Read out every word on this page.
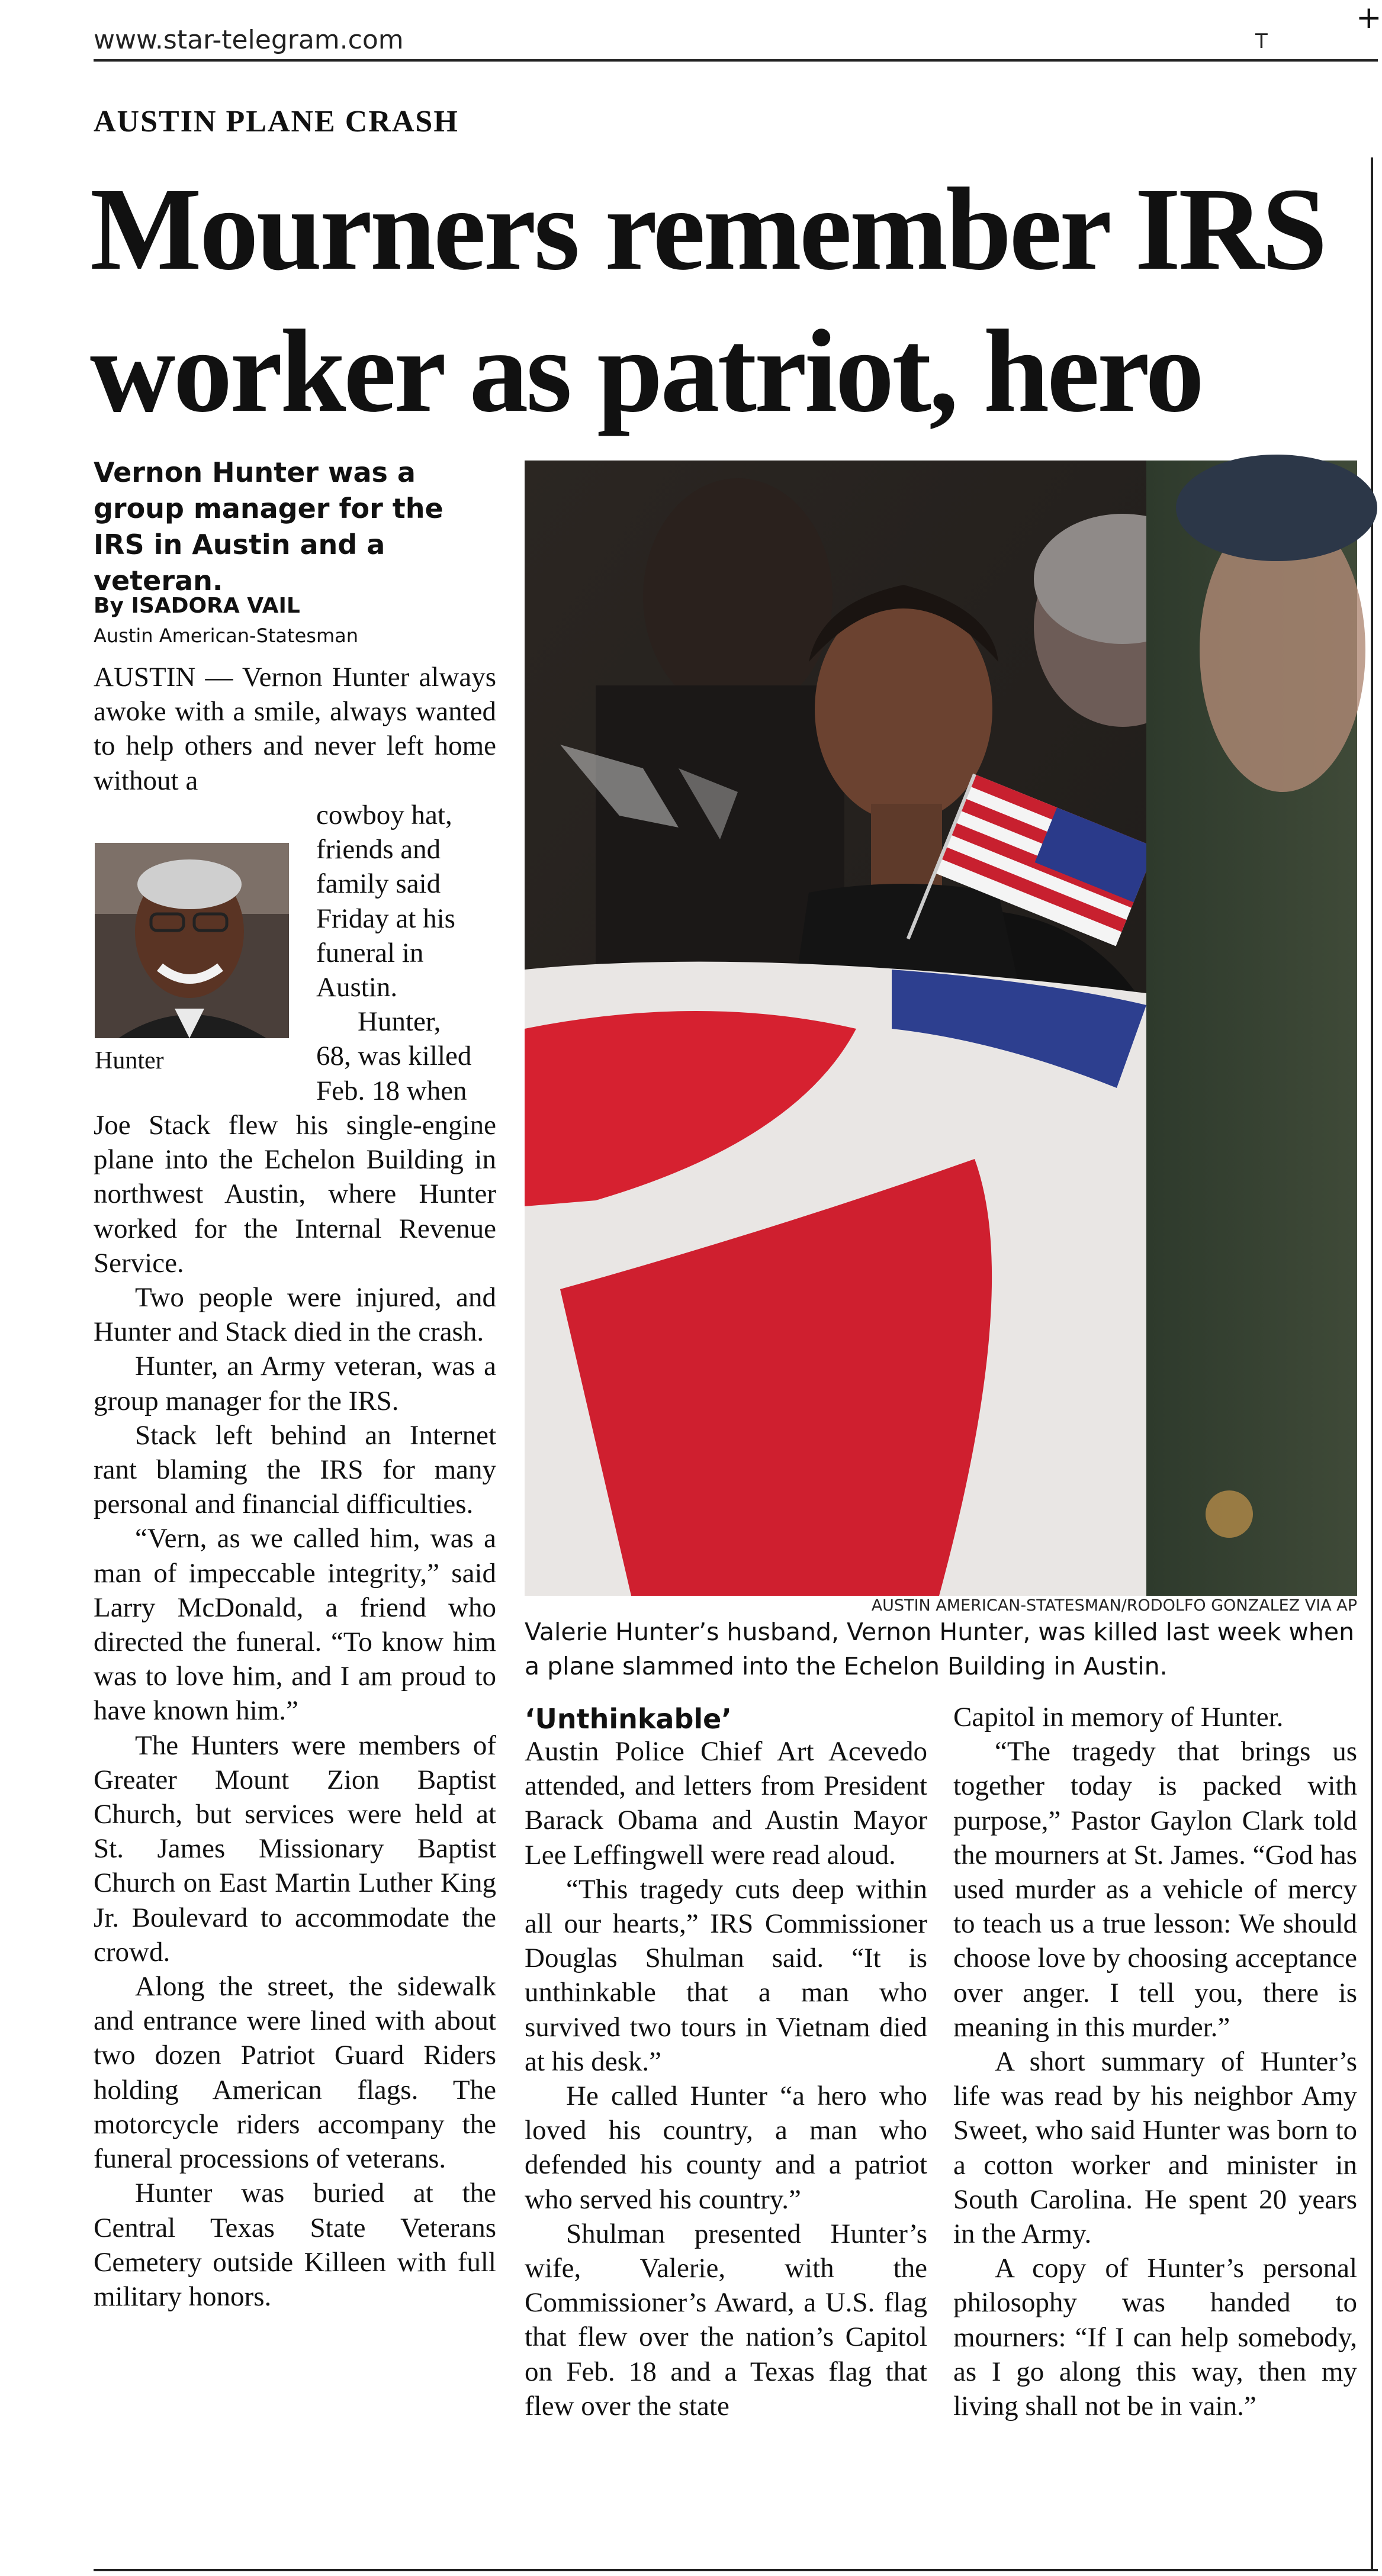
www.star-telegram.com	T
+
AUSTIN PLANE CRASH
Mourners remember IRS
worker as patriot, hero
Vernon Hunter was a group manager for the IRS in Austin and a veteran.
By ISADORA VAIL
Austin American-Statesman

AUSTIN — Vernon Hunter always awoke with a smile, always wanted to help others and never left home without a

Hunter
cowboy hat,
friends and
family said
Friday at his
funeral in
Austin.
Hunter,
68, was killed
Feb. 18 when

Joe Stack flew his single-engine plane into the Echelon Building in northwest Austin, where Hunter worked for the Internal Revenue Service.

Two people were injured, and Hunter and Stack died in the crash.

Hunter, an Army veteran, was a group manager for the IRS.

Stack left behind an Internet rant blaming the IRS for many personal and financial difficulties.

“Vern, as we called him, was a man of impeccable integrity,” said Larry McDonald, a friend who directed the funeral. “To know him was to love him, and I am proud to have known him.”

The Hunters were members of Greater Mount Zion Baptist Church, but services were held at St. James Missionary Baptist Church on East Martin Luther King Jr. Boulevard to accommodate the crowd.

Along the street, the sidewalk and entrance were lined with about two dozen Patriot Guard Riders holding American flags. The motorcycle riders accompany the funeral processions of veterans.

Hunter was buried at the Central Texas State Veterans Cemetery outside Killeen with full military honors.

AUSTIN AMERICAN-STATESMAN/RODOLFO GONZALEZ VIA AP
Valerie Hunter’s husband, Vernon Hunter, was killed last week when a plane slammed into the Echelon Building in Austin.
‘Unthinkable’

Austin Police Chief Art Acevedo attended, and letters from President Barack Obama and Austin Mayor Lee Leffingwell were read aloud.

“This tragedy cuts deep within all our hearts,” IRS Commissioner Douglas Shulman said. “It is unthinkable that a man who survived two tours in Vietnam died at his desk.”

He called Hunter “a hero who loved his country, a man who defended his county and a patriot who served his country.”

Shulman presented Hunter’s wife, Valerie, with the Commissioner’s Award, a U.S. flag that flew over the nation’s Capitol on Feb. 18 and a Texas flag that flew over the state

Capitol in memory of Hunter.

“The tragedy that brings us together today is packed with purpose,” Pastor Gaylon Clark told the mourners at St. James. “God has used murder as a vehicle of mercy to teach us a true lesson: We should choose love by choosing acceptance over anger. I tell you, there is meaning in this murder.”

A short summary of Hunter’s life was read by his neighbor Amy Sweet, who said Hunter was born to a cotton worker and minister in South Carolina. He spent 20 years in the Army.

A copy of Hunter’s personal philosophy was handed to mourners: “If I can help somebody, as I go along this way, then my living shall not be in vain.”
